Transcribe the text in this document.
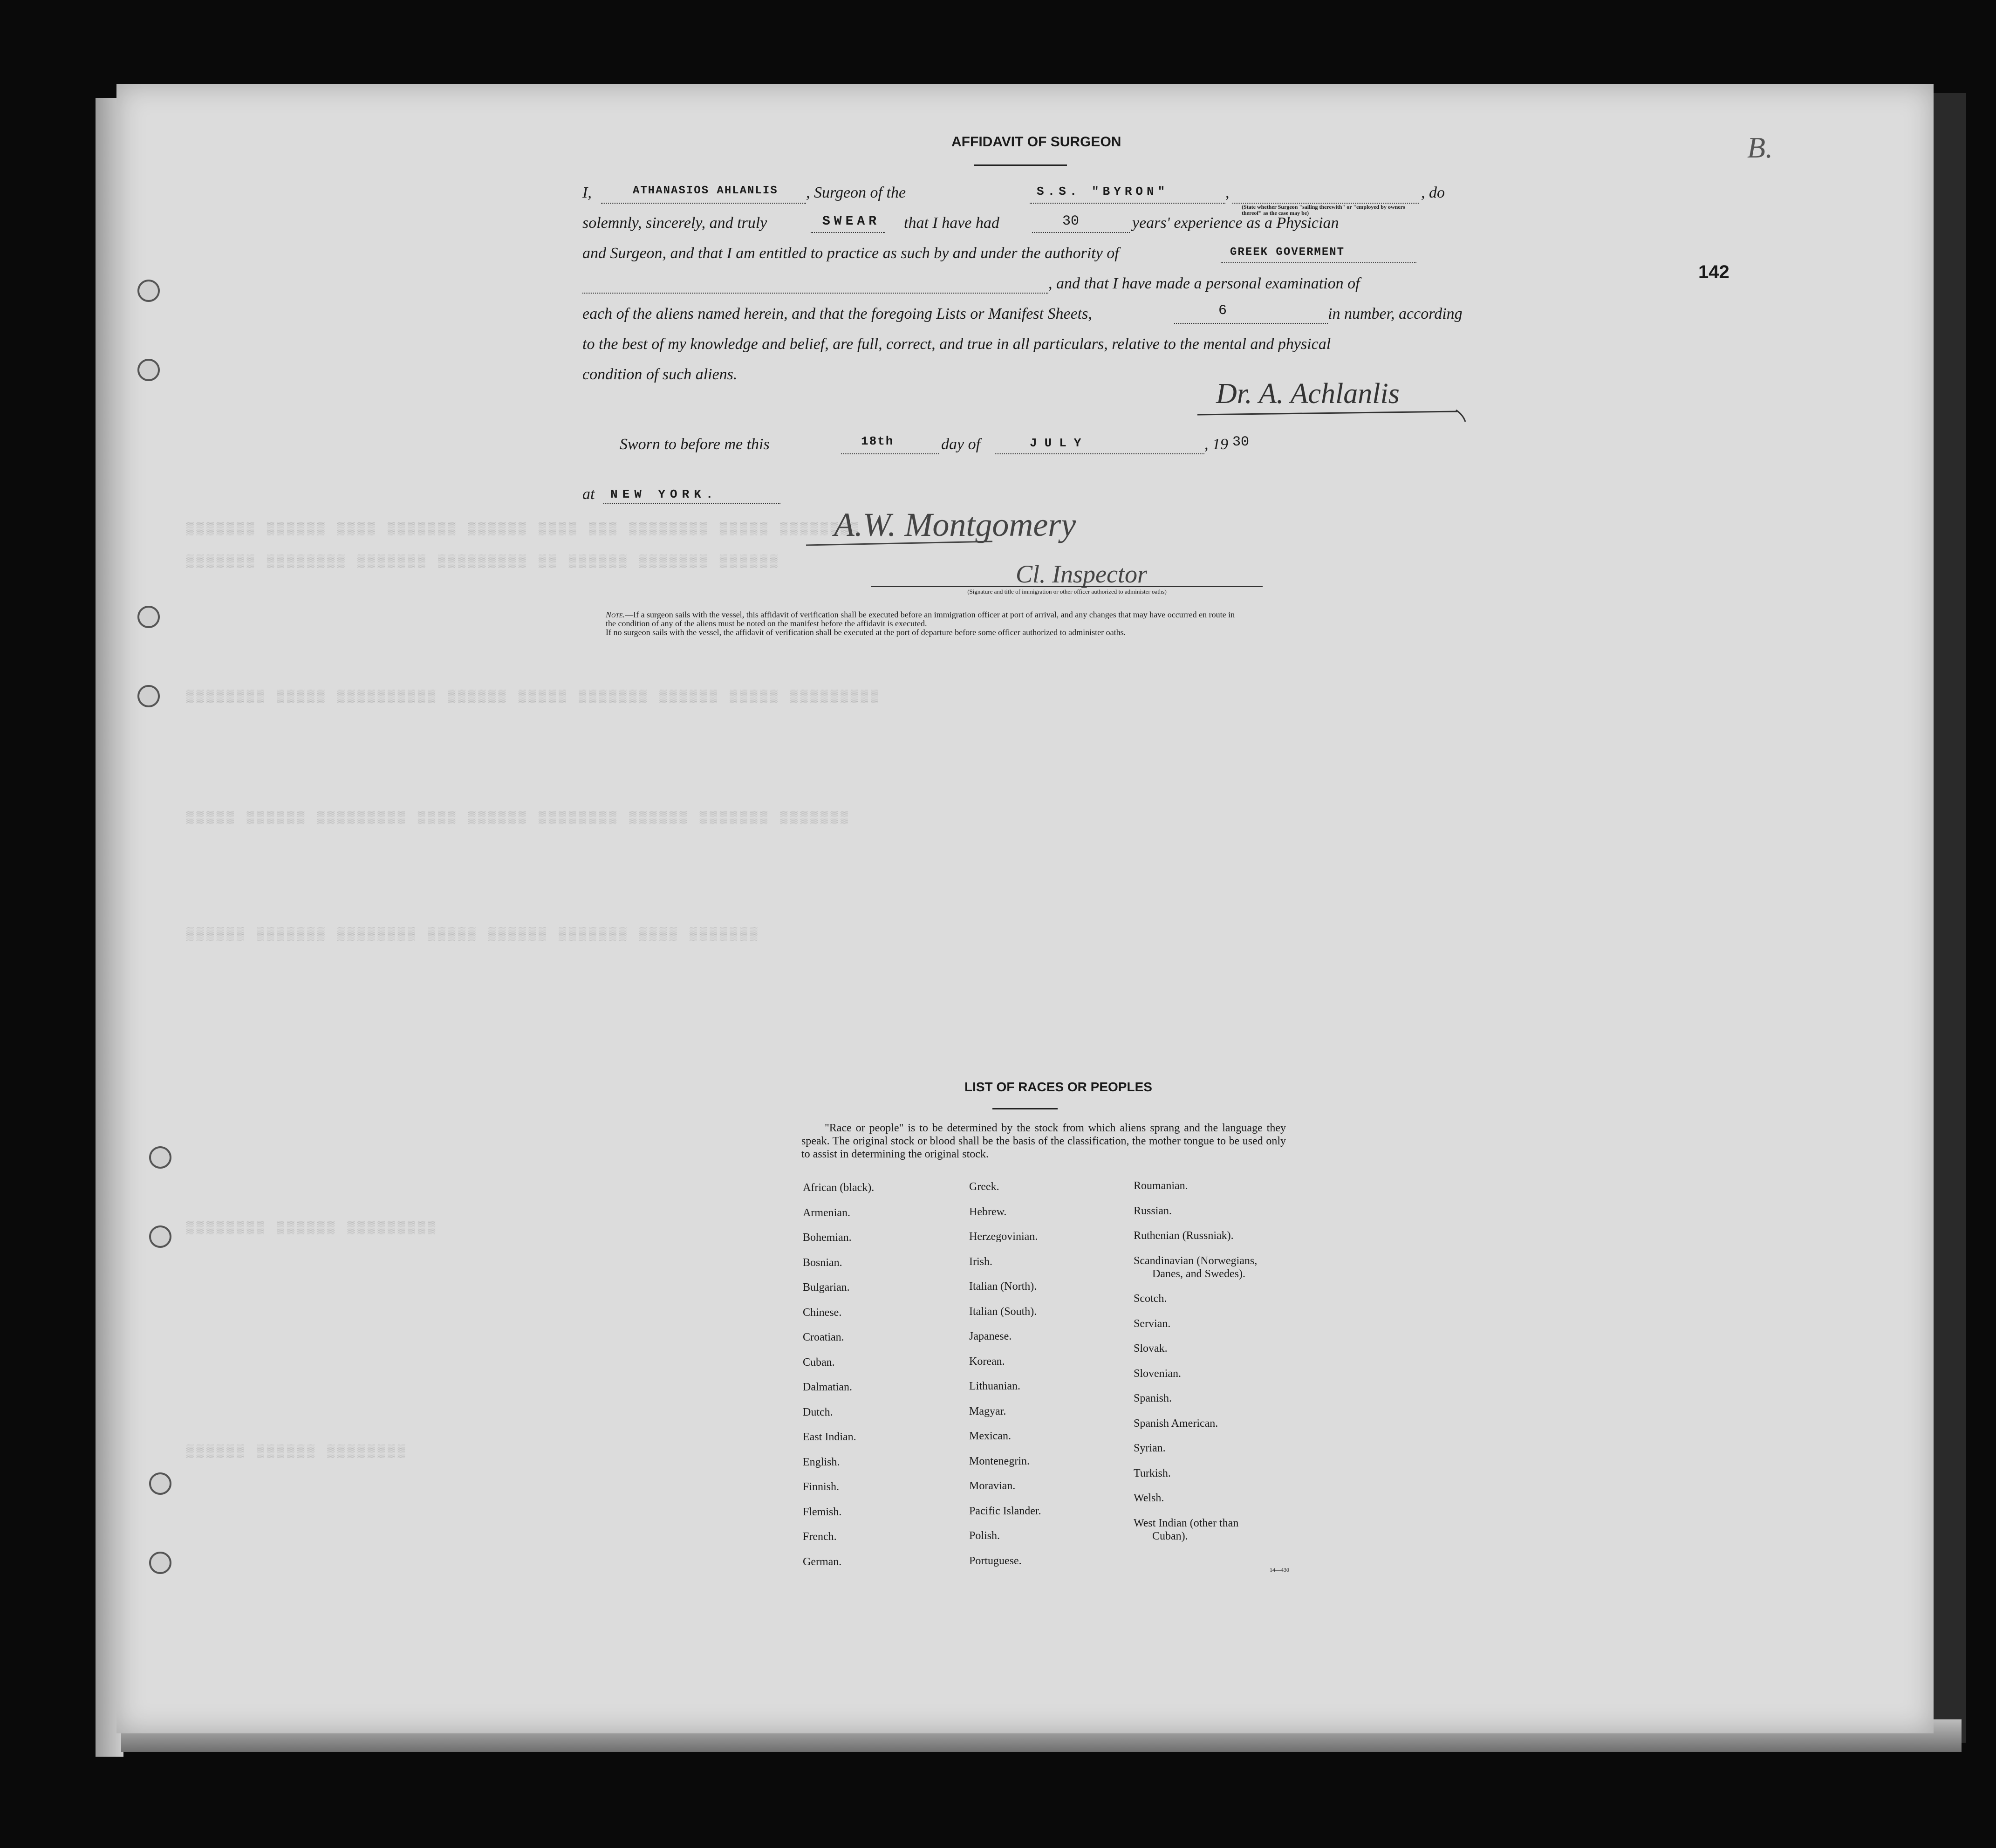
▒▒▒▒▒▒▒ ▒▒▒▒▒▒ ▒▒▒▒ ▒▒▒▒▒▒▒ ▒▒▒▒▒▒ ▒▒▒▒ ▒▒▒ ▒▒▒▒▒▒▒▒ ▒▒▒▒▒ ▒▒▒▒▒▒▒▒
▒▒▒▒▒▒▒ ▒▒▒▒▒▒▒▒ ▒▒▒▒▒▒▒ ▒▒▒▒▒▒▒▒▒ ▒▒ ▒▒▒▒▒▒ ▒▒▒▒▒▒▒ ▒▒▒▒▒▒
▒▒▒▒▒▒▒▒ ▒▒▒▒▒ ▒▒▒▒▒▒▒▒▒▒ ▒▒▒▒▒▒ ▒▒▒▒▒ ▒▒▒▒▒▒▒ ▒▒▒▒▒▒ ▒▒▒▒▒ ▒▒▒▒▒▒▒▒▒
▒▒▒▒▒ ▒▒▒▒▒▒ ▒▒▒▒▒▒▒▒▒ ▒▒▒▒ ▒▒▒▒▒▒ ▒▒▒▒▒▒▒▒ ▒▒▒▒▒▒ ▒▒▒▒▒▒▒ ▒▒▒▒▒▒▒
▒▒▒▒▒▒ ▒▒▒▒▒▒▒ ▒▒▒▒▒▒▒▒ ▒▒▒▒▒ ▒▒▒▒▒▒ ▒▒▒▒▒▒▒ ▒▒▒▒ ▒▒▒▒▒▒▒
▒▒▒▒▒▒▒▒ ▒▒▒▒▒▒ ▒▒▒▒▒▒▒▒▒
▒▒▒▒▒▒ ▒▒▒▒▒▒ ▒▒▒▒▒▒▒▒
B.
142
AFFIDAVIT OF SURGEON
I,	ATHANASIOS AHLANLIS , Surgeon of the	S.S. "BYRON"	,
(State whether Surgeon "sailing therewith" or "employed by owners thereof" as the case may be)
, do
solemnly, sincerely, and truly	SWEAR that I have had	30	years' experience as a Physician
and Surgeon, and that I am entitled to practice as such by and under the authority of	GREEK GOVERMENT
, and that I have made a personal examination of
each of the aliens named herein, and that the foregoing Lists or Manifest Sheets,	6	in number, according
to the best of my knowledge and belief, are full, correct, and true in all particulars, relative to the mental and physical
condition of such aliens.
Dr. A. Achlanlis
Sworn to before me this	18th	day of	JULY	, 19 30
at NEW YORK.
A.W. Montgomery
Cl. Inspector
(Signature and title of immigration or other officer authorized to administer oaths)
Note.—If a surgeon sails with the vessel, this affidavit of verification shall be executed before an immigration officer at port of arrival, and any changes that may have occurred en route in
the condition of any of the aliens must be noted on the manifest before the affidavit is executed.
If no surgeon sails with the vessel, the affidavit of verification shall be executed at the port of departure before some officer authorized to administer oaths.
LIST OF RACES OR PEOPLES
"Race or people" is to be determined by the stock from which aliens sprang and the language they speak. The original stock or blood shall be the basis of the classification, the mother tongue to be used only to assist in determining the original stock.
African (black).
Armenian.
Bohemian.
Bosnian.
Bulgarian.
Chinese.
Croatian.
Cuban.
Dalmatian.
Dutch.
East Indian.
English.
Finnish.
Flemish.
French.
German.
Greek.
Hebrew.
Herzegovinian.
Irish.
Italian (North).
Italian (South).
Japanese.
Korean.
Lithuanian.
Magyar.
Mexican.
Montenegrin.
Moravian.
Pacific Islander.
Polish.
Portuguese.
Roumanian.
Russian.
Ruthenian (Russniak).
Scandinavian (Norwegians,
Danes, and Swedes).
Scotch.
Servian.
Slovak.
Slovenian.
Spanish.
Spanish American.
Syrian.
Turkish.
Welsh.
West Indian (other than
Cuban).
14—430
